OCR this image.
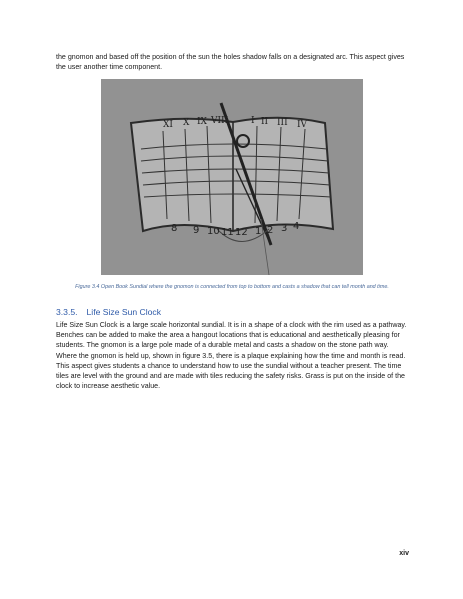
the gnomon and based off the position of the sun the holes shadow falls on a designated arc. This aspect gives the user another time component.

XI X IX VIII	I II III IV
8 9 10 11 12 1 2 3 4

Figure 3.4 Open Book Sundial where the gnomon is connected from top to bottom and casts a shadow that can tell month and time.

3.3.5. Life Size Sun Clock

Life Size Sun Clock is a large scale horizontal sundial. It is in a shape of a clock with the rim used as a pathway. Benches can be added to make the area a hangout locations that is educational and aesthetically pleasing for students. The gnomon is a large pole made of a durable metal and casts a shadow on the stone path way. Where the gnomon is held up, shown in figure 3.5, there is a plaque explaining how the time and month is read. This aspect gives students a chance to understand how to use the sundial without a teacher present. The time tiles are level with the ground and are made with tiles reducing the safety risks. Grass is put on the inside of the clock to increase aesthetic value.

xiv
